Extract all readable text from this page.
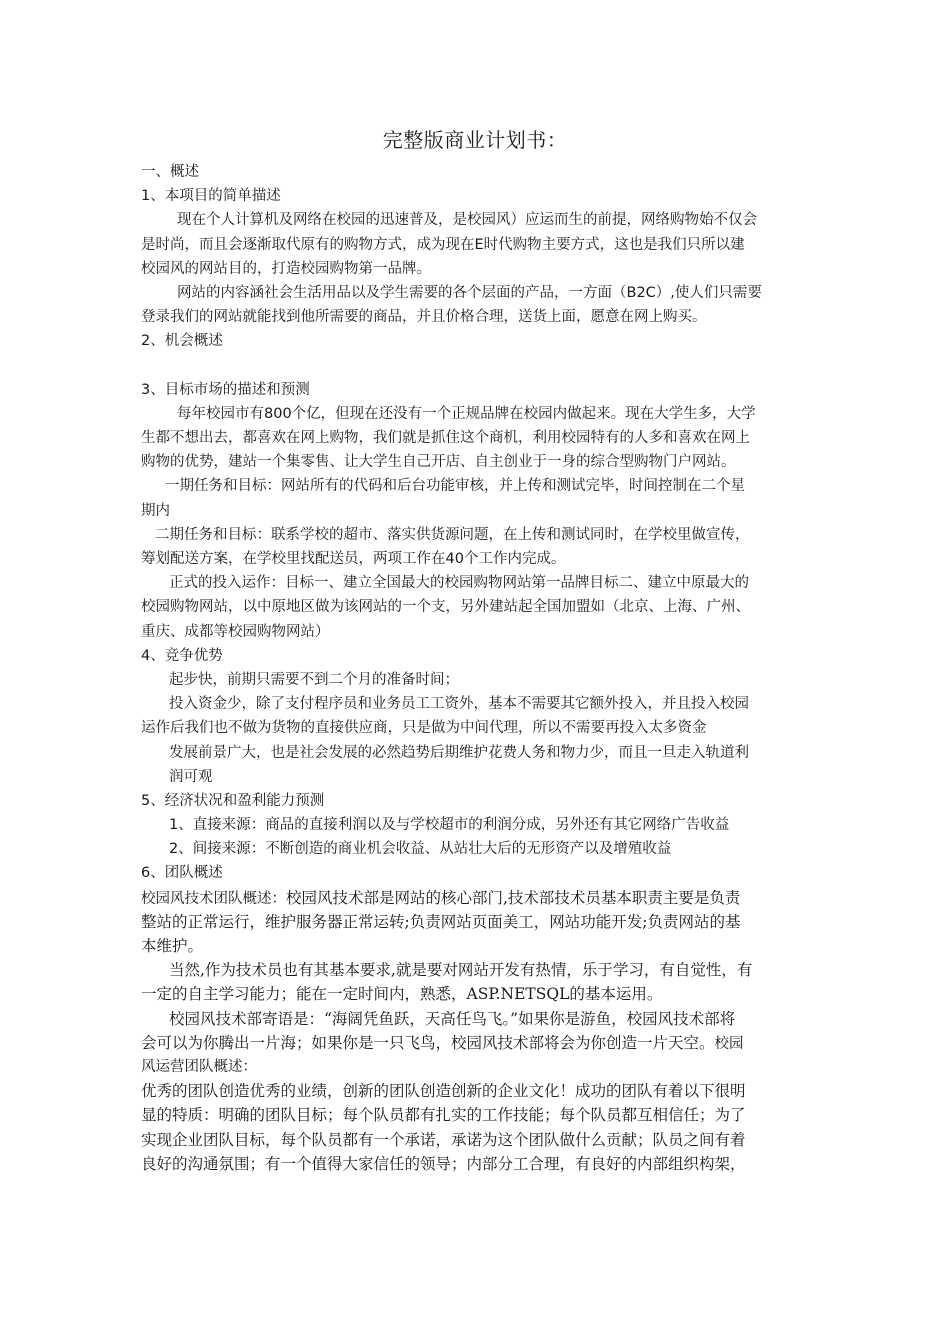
完整版商业计划书：
一、概述
1、本项目的简单描述
现在个人计算机及网络在校园的迅速普及，是校园风）应运而生的前提，网络购物始不仅会
是时尚，而且会逐渐取代原有的购物方式，成为现在E时代购物主要方式，这也是我们只所以建
校园风的网站目的，打造校园购物第一品牌。
网站的内容涵社会生活用品以及学生需要的各个层面的产品，一方面（B2C）,使人们只需要
登录我们的网站就能找到他所需要的商品，并且价格合理，送货上面，愿意在网上购买。
2、机会概述
3、目标市场的描述和预测
每年校园市有800个亿，但现在还没有一个正规品牌在校园内做起来。现在大学生多，大学
生都不想出去，都喜欢在网上购物，我们就是抓住这个商机，利用校园特有的人多和喜欢在网上
购物的优势，建站一个集零售、让大学生自己开店、自主创业于一身的综合型购物门户网站。
一期任务和目标：网站所有的代码和后台功能审核，并上传和测试完毕，时间控制在二个星
期内
二期任务和目标：联系学校的超市、落实供货源问题，在上传和测试同时，在学校里做宣传，
筹划配送方案，在学校里找配送员，两项工作在40个工作内完成。
正式的投入运作：目标一、建立全国最大的校园购物网站第一品牌目标二、建立中原最大的
校园购物网站，以中原地区做为该网站的一个支，另外建站起全国加盟如（北京、上海、广州、
重庆、成都等校园购物网站）
4、竞争优势
起步快，前期只需要不到二个月的准备时间；
投入资金少，除了支付程序员和业务员工工资外，基本不需要其它额外投入，并且投入校园
运作后我们也不做为货物的直接供应商，只是做为中间代理，所以不需要再投入太多资金
发展前景广大，也是社会发展的必然趋势后期维护花费人务和物力少，而且一旦走入轨道利
润可观
5、经济状况和盈利能力预测
1、直接来源：商品的直接利润以及与学校超市的利润分成，另外还有其它网络广告收益
2、间接来源：不断创造的商业机会收益、从站壮大后的无形资产以及增殖收益
6、团队概述
校园风技术团队概述：校园风技术部是网站的核心部门,技术部技术员基本职责主要是负责
整站的正常运行，维护服务器正常运转;负责网站页面美工，网站功能开发;负责网站的基
本维护。
当然,作为技术员也有其基本要求,就是要对网站开发有热情，乐于学习，有自觉性，有
一定的自主学习能力；能在一定时间内，熟悉，ASP.NETSQL的基本运用。
校园风技术部寄语是：“海阔凭鱼跃，天高任鸟飞。”如果你是游鱼，校园风技术部将
会可以为你腾出一片海；如果你是一只飞鸟，校园风技术部将会为你创造一片天空。校园
风运营团队概述：
优秀的团队创造优秀的业绩，创新的团队创造创新的企业文化！成功的团队有着以下很明
显的特质：明确的团队目标；每个队员都有扎实的工作技能；每个队员都互相信任；为了
实现企业团队目标，每个队员都有一个承诺，承诺为这个团队做什么贡献；队员之间有着
良好的沟通氛围；有一个值得大家信任的领导；内部分工合理，有良好的内部组织构架，
